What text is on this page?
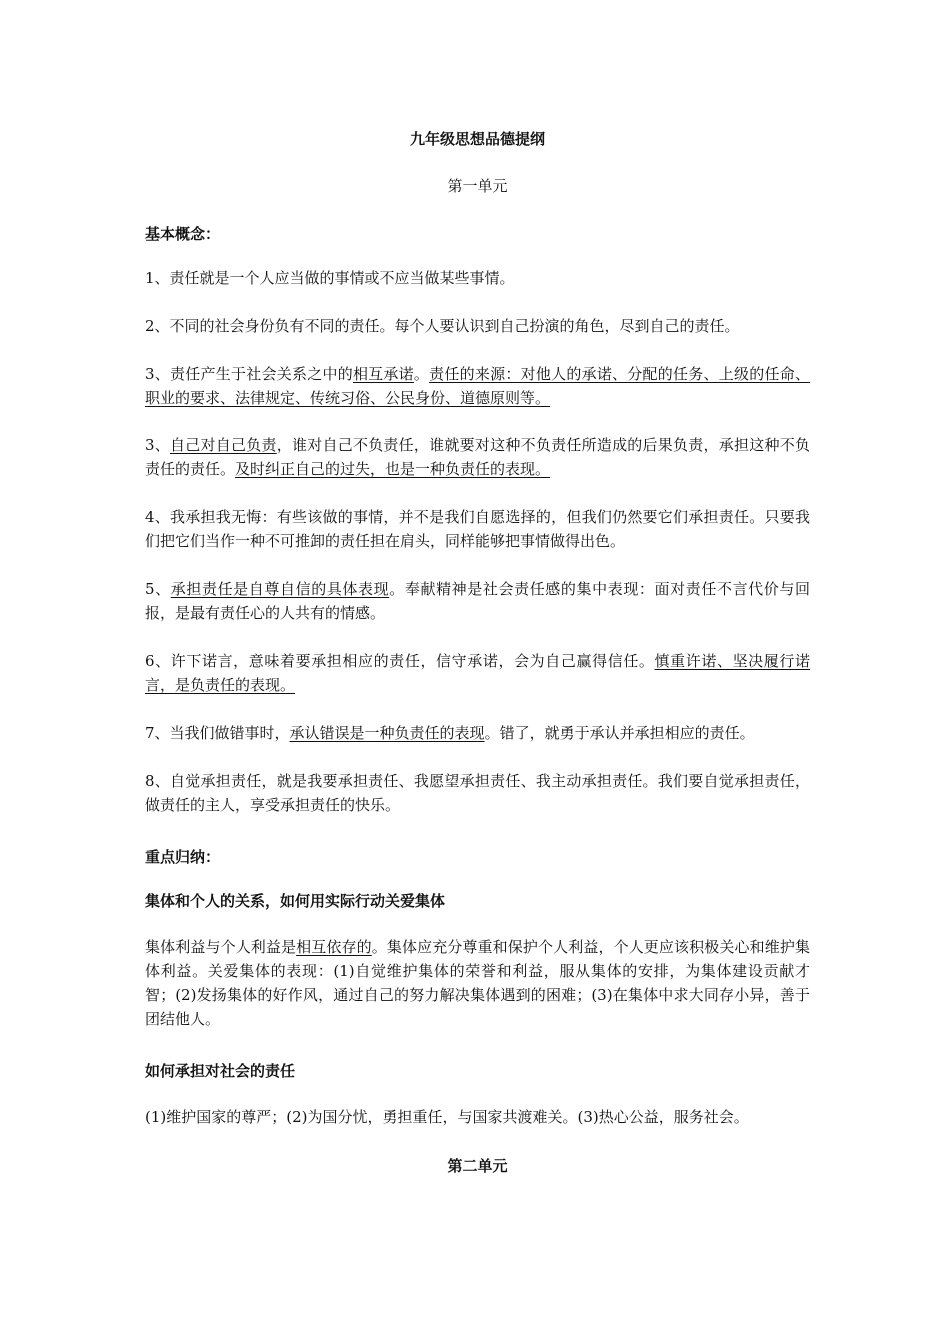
九年级思想品德提纲

第一单元

基本概念：

1、责任就是一个人应当做的事情或不应当做某些事情。

2、不同的社会身份负有不同的责任。每个人要认识到自己扮演的角色，尽到自己的责任。

3、责任产生于社会关系之中的相互承诺。责任的来源：对他人的承诺、分配的任务、上级的任命、职业的要求、法律规定、传统习俗、公民身份、道德原则等。

3、自己对自己负责，谁对自己不负责任，谁就要对这种不负责任所造成的后果负责，承担这种不负责任的责任。及时纠正自己的过失，也是一种负责任的表现。

4、我承担我无悔：有些该做的事情，并不是我们自愿选择的，但我们仍然要它们承担责任。只要我们把它们当作一种不可推卸的责任担在肩头，同样能够把事情做得出色。

5、承担责任是自尊自信的具体表现。奉献精神是社会责任感的集中表现：面对责任不言代价与回报，是最有责任心的人共有的情感。

6、许下诺言，意味着要承担相应的责任，信守承诺，会为自己赢得信任。慎重许诺、坚决履行诺言，是负责任的表现。

7、当我们做错事时，承认错误是一种负责任的表现。错了，就勇于承认并承担相应的责任。

8、自觉承担责任，就是我要承担责任、我愿望承担责任、我主动承担责任。我们要自觉承担责任，做责任的主人，享受承担责任的快乐。

重点归纳：

集体和个人的关系，如何用实际行动关爱集体

集体利益与个人利益是相互依存的。集体应充分尊重和保护个人利益，个人更应该积极关心和维护集体利益。关爱集体的表现：(1)自觉维护集体的荣誉和利益，服从集体的安排，为集体建设贡献才智；(2)发扬集体的好作风，通过自己的努力解决集体遇到的困难；(3)在集体中求大同存小异，善于团结他人。

如何承担对社会的责任

(1)维护国家的尊严；(2)为国分忧，勇担重任，与国家共渡难关。(3)热心公益，服务社会。

第二单元
